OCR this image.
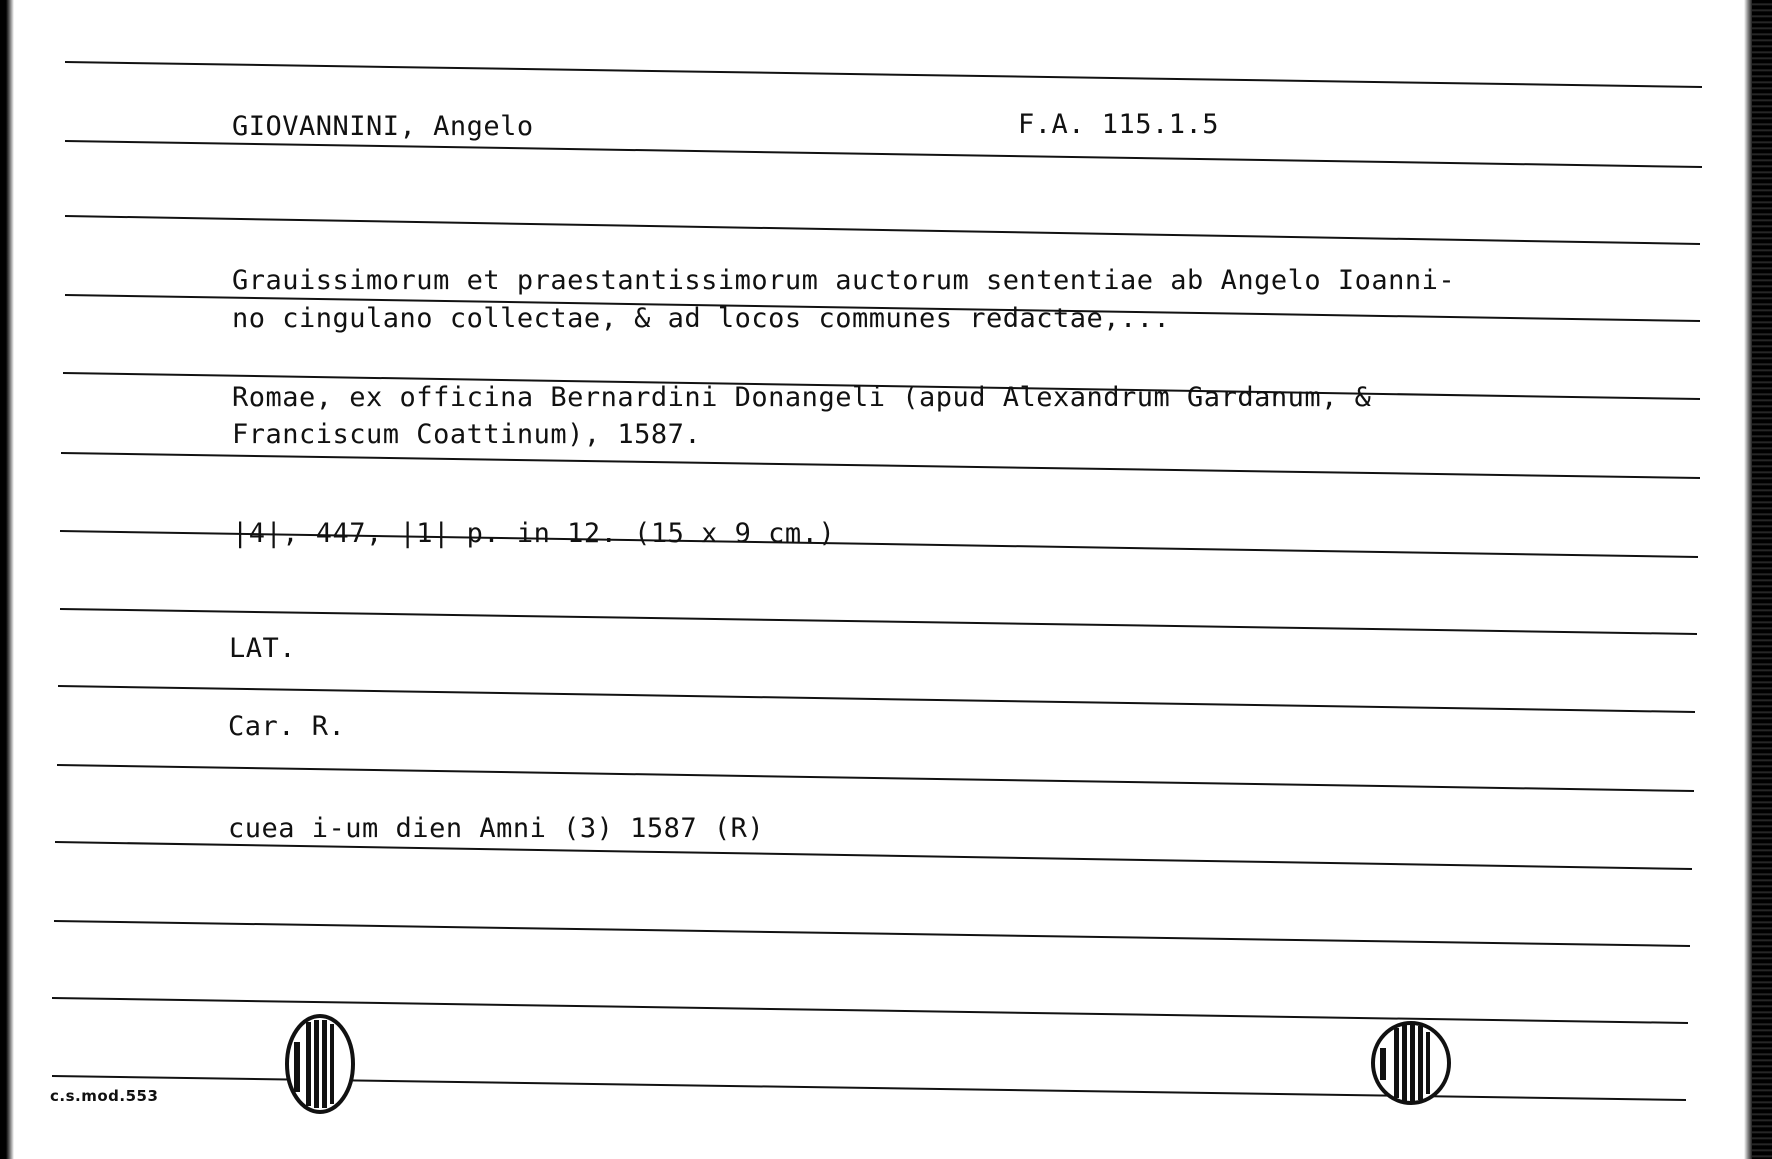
GIOVANNINI, Angelo	F.A. 115.1.5
Grauissimorum et praestantissimorum auctorum sententiae ab Angelo Ioanni-
no cingulano collectae, & ad locos communes redactae,...
Romae, ex officina Bernardini Donangeli (apud Alexandrum Gardanum, &
Franciscum Coattinum), 1587.
|4|, 447, |1| p. in 12. (15 x 9 cm.)
LAT.
Car. R.
cuea i-um dien Amni (3) 1587 (R)
c.s.mod.553
